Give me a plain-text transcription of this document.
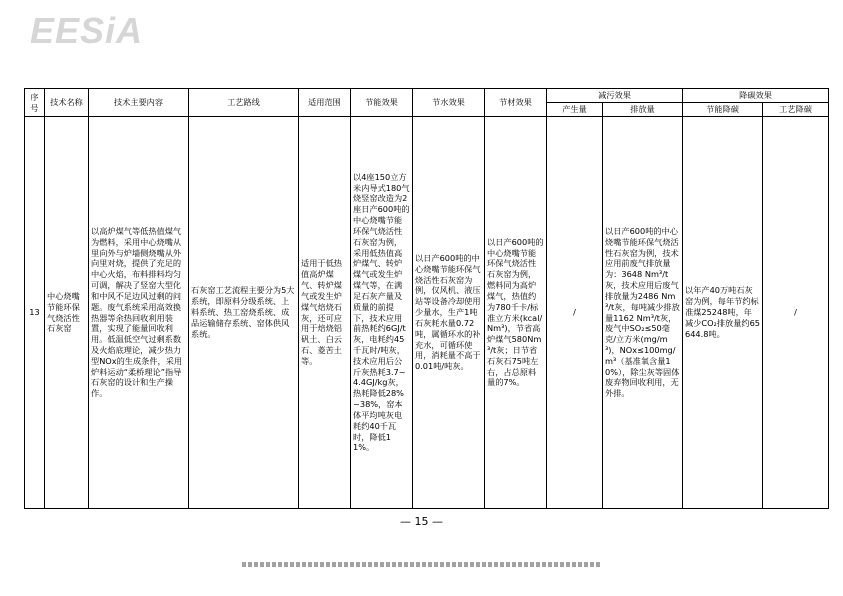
EESiA
序号	技术名称	技术主要内容	工艺路线	适用范围	节能效果	节水效果	节材效果	减污效果		降碳效果	
								产生量	排放量	节能降碳	工艺降碳
13	中心烧嘴节能环保气烧活性石灰窑	以高炉煤气等低热值煤气为燃料，采用中心烧嘴从里向外与炉墙侧烧嘴从外向里对烧，提供了充足的中心火焰，布料排料均匀可调，解决了竖窑大型化和中风不足边风过剩的问题。废气系统采用高效换热器等余热回收利用装置，实现了能量回收利用。低温低空气过剩系数及火焰底理论，减少热力型NOx的生成条件，采用炉料运动“柔桥理论”指导石灰窑的设计和生产操作。	石灰窑工艺流程主要分为5大系统，即原料分级系统、上料系统、热工窑烧系统、成品运输储存系统、窑体供风系统。	适用于低热值高炉煤气、转炉煤气或发生炉煤气焙烧石灰，还可应用于焙烧铝矾土、白云石、菱苦土等。	以4座150立方米内导式180气烧竖窑改造为2座日产600吨的中心烧嘴节能环保气烧活性石灰窑为例，采用低热值高炉煤气、转炉煤气或发生炉煤气等，在满足石灰产量及质量的前提下，技术应用前热耗约6GJ/t灰，电耗约45千瓦时/吨灰，技术应用后公斤灰热耗3.7~4.4GJ/kg灰，热耗降低28%~38%，窑本体平均吨灰电耗约40千瓦时，降低11%。	以日产600吨的中心烧嘴节能环保气烧活性石灰窑为例，仅风机、液压站等设备冷却使用少量水，生产1吨石灰耗水量0.72吨，属循环水的补充水，可循环使用，消耗量不高于0.01吨/吨灰。	以日产600吨的中心烧嘴节能环保气烧活性石灰窑为例，燃料同为高炉煤气，热值约为780千卡/标准立方米(kcal/Nm³)，节省高炉煤气580Nm³/t灰；日节省石灰石75吨左右，占总原料量的7%。	/	以日产600吨的中心烧嘴节能环保气烧活性石灰窑为例，技术应用前废气排放量为：3648 Nm³/t灰，技术应用后废气排放量为2486 Nm³/t灰，每吨减少排放量1162 Nm³/t灰，废气中SO₂≤50毫克/立方米(mg/m³)，NOx≤100mg/m³（基准氧含量10%），除尘灰等固体废弃物回收利用，无外排。	以年产40万吨石灰窑为例，每年节约标准煤25248吨，年减少CO₂排放量约65644.8吨。	/
— 15 —
